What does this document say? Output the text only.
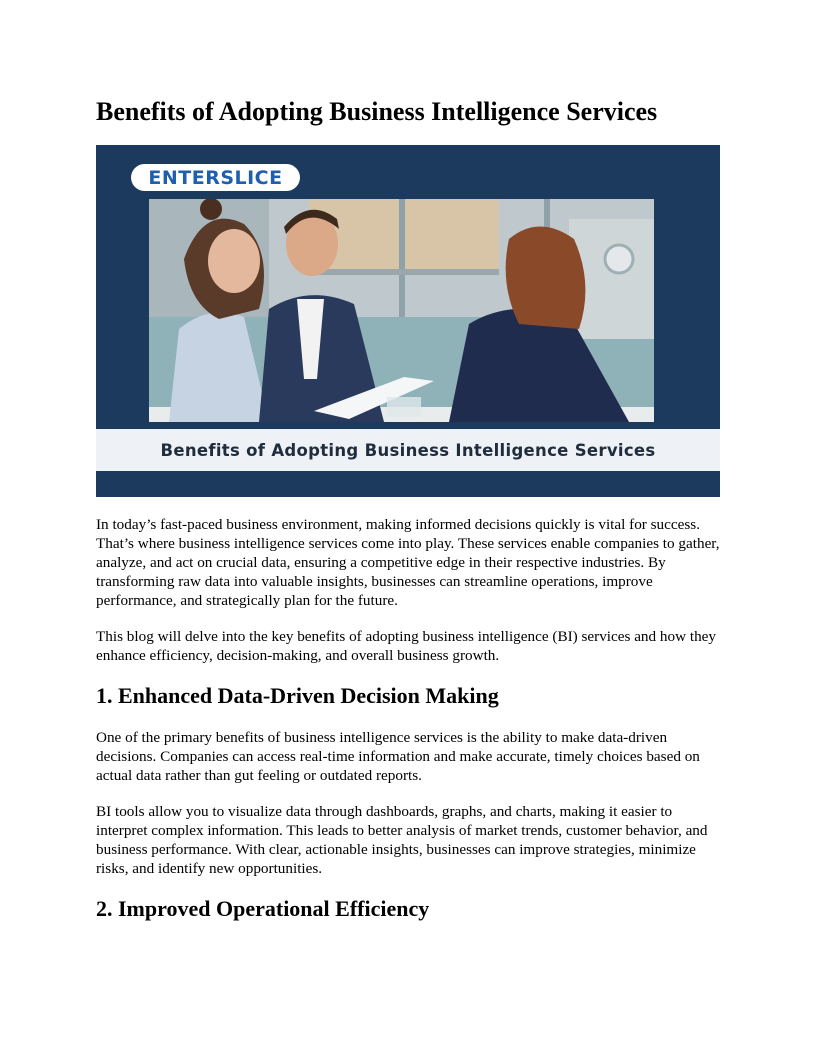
Benefits of Adopting Business Intelligence Services
ENTERSLICE
Benefits of Adopting Business Intelligence Services

In today’s fast-paced business environment, making informed decisions quickly is vital for success. That’s where business intelligence services come into play. These services enable companies to gather, analyze, and act on crucial data, ensuring a competitive edge in their respective industries. By transforming raw data into valuable insights, businesses can streamline operations, improve performance, and strategically plan for the future.

This blog will delve into the key benefits of adopting business intelligence (BI) services and how they enhance efficiency, decision-making, and overall business growth.

1. Enhanced Data-Driven Decision Making

One of the primary benefits of business intelligence services is the ability to make data-driven decisions. Companies can access real-time information and make accurate, timely choices based on actual data rather than gut feeling or outdated reports.

BI tools allow you to visualize data through dashboards, graphs, and charts, making it easier to interpret complex information. This leads to better analysis of market trends, customer behavior, and business performance. With clear, actionable insights, businesses can improve strategies, minimize risks, and identify new opportunities.

2. Improved Operational Efficiency
